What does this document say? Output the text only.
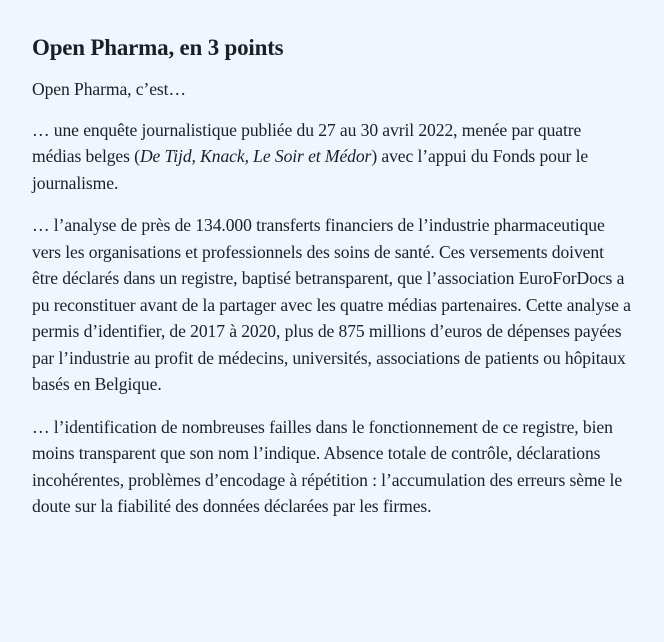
Open Pharma, en 3 points

Open Pharma, c’est…

… une enquête journalistique publiée du 27 au 30 avril 2022, menée par quatre médias belges (De Tijd, Knack, Le Soir et Médor) avec l’appui du Fonds pour le journalisme.

… l’analyse de près de 134.000 transferts financiers de l’industrie pharmaceutique vers les organisations et professionnels des soins de santé. Ces versements doivent être déclarés dans un registre, baptisé betransparent, que l’association EuroForDocs a pu reconstituer avant de la partager avec les quatre médias partenaires. Cette analyse a permis d’identifier, de 2017 à 2020, plus de 875 millions d’euros de dépenses payées par l’industrie au profit de médecins, universités, associations de patients ou hôpitaux basés en Belgique.

… l’identification de nombreuses failles dans le fonctionnement de ce registre, bien moins transparent que son nom l’indique. Absence totale de contrôle, déclarations incohérentes, problèmes d’encodage à répétition : l’accumulation des erreurs sème le doute sur la fiabilité des données déclarées par les firmes.
